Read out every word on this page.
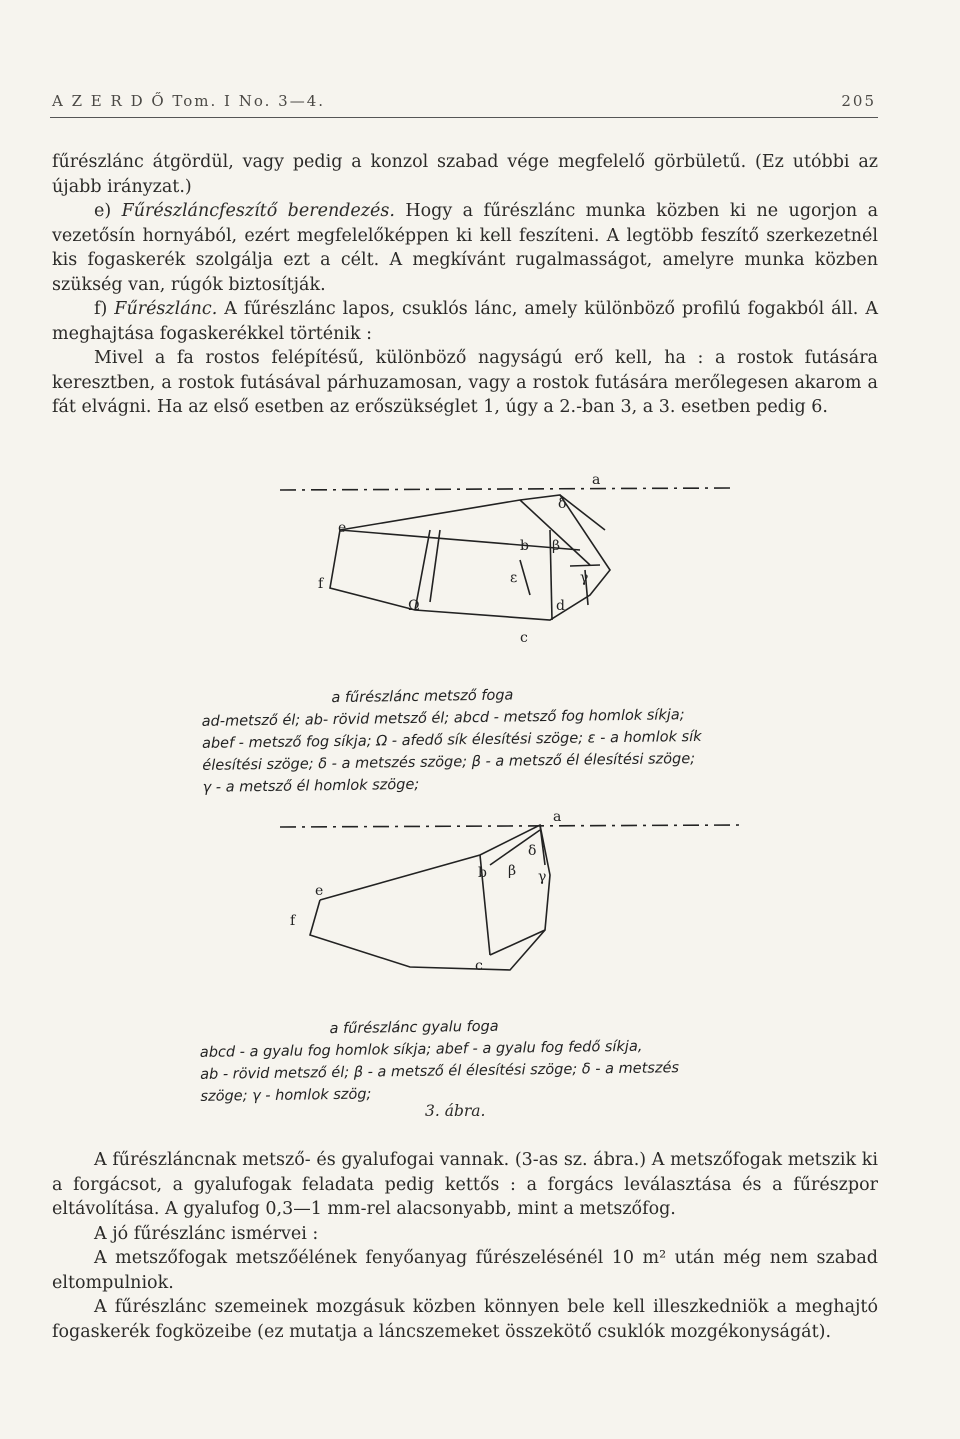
A Z E R D Ő Tom. I No. 3—4.	205

fűrészlánc átgördül, vagy pedig a konzol szabad vége megfelelő görbületű. (Ez utóbbi az újabb irányzat.)

e) Fűrészláncfeszítő berendezés. Hogy a fűrészlánc munka közben ki ne ugorjon a vezetősín hornyából, ezért megfelelőképpen ki kell feszíteni. A legtöbb feszítő szerkezetnél kis fogaskerék szolgálja ezt a célt. A megkívánt rugalmasságot, amelyre munka közben szükség van, rúgók biztosítják.

f) Fűrészlánc. A fűrészlánc lapos, csuklós lánc, amely különböző profilú fogakból áll. A meghajtása fogaskerékkel történik :

Mivel a fa rostos felépítésű, különböző nagyságú erő kell, ha : a rostok futására keresztben, a rostok futásával párhuzamosan, vagy a rostok futására merőlegesen akarom a fát elvágni. Ha az első esetben az erőszükséglet 1, úgy a 2.-ban 3, a 3. esetben pedig 6.

a
e
f
b β
δ
γ
ε
Ω	d
c
a fűrészlánc metsző foga
ad-metsző él; ab- rövid metsző él; abcd - metsző fog homlok síkja;
abef - metsző fog síkja; Ω - afedő sík élesítési szöge; ε - a homlok sík
élesítési szöge; δ - a metszés szöge; β - a metsző él élesítési szöge;
γ - a metsző él homlok szöge;
a
b β
δ
γ
e
f
c
a fűrészlánc gyalu foga
abcd - a gyalu fog homlok síkja; abef - a gyalu fog fedő síkja,
ab - rövid metsző él; β - a metsző él élesítési szöge; δ - a metszés
szöge; γ - homlok szög;
3. ábra.

A fűrészláncnak metsző- és gyalufogai vannak. (3-as sz. ábra.) A metszőfogak metszik ki a forgácsot, a gyalufogak feladata pedig kettős : a forgács leválasztása és a fűrészpor eltávolítása. A gyalufog 0,3—1 mm-rel alacsonyabb, mint a metszőfog.

A jó fűrészlánc ismérvei :

A metszőfogak metszőélének fenyőanyag fűrészelésénél 10 m² után még nem szabad eltompulniok.

A fűrészlánc szemeinek mozgásuk közben könnyen bele kell illeszkedniök a meghajtó fogaskerék fogközeibe (ez mutatja a láncszemeket összekötő csuklók mozgékonyságát).
